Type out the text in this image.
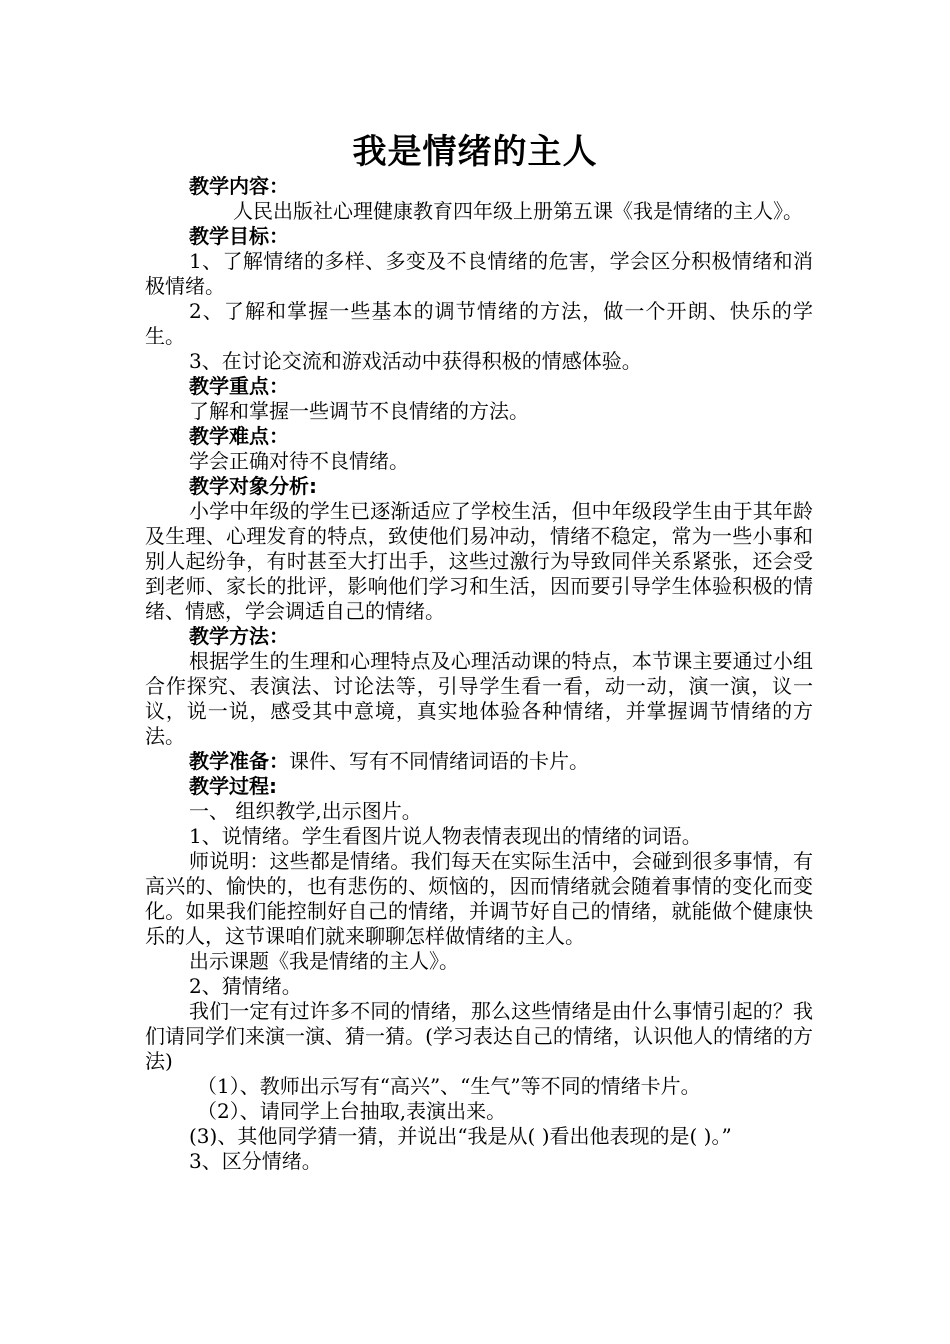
我是情绪的主人

教学内容：

人民出版社心理健康教育四年级上册第五课《我是情绪的主人》。

教学目标：

1、了解情绪的多样、多变及不良情绪的危害，学会区分积极情绪和消极情绪。

2、了解和掌握一些基本的调节情绪的方法，做一个开朗、快乐的学生。

3、在讨论交流和游戏活动中获得积极的情感体验。

教学重点：

了解和掌握一些调节不良情绪的方法。

教学难点：

学会正确对待不良情绪。

教学对象分析:

小学中年级的学生已逐渐适应了学校生活，但中年级段学生由于其年龄及生理、心理发育的特点，致使他们易冲动，情绪不稳定，常为一些小事和别人起纷争，有时甚至大打出手，这些过激行为导致同伴关系紧张，还会受到老师、家长的批评，影响他们学习和生活，因而要引导学生体验积极的情绪、情感，学会调适自己的情绪。

教学方法：

根据学生的生理和心理特点及心理活动课的特点，本节课主要通过小组合作探究、表演法、讨论法等，引导学生看一看，动一动，演一演，议一议，说一说，感受其中意境，真实地体验各种情绪，并掌握调节情绪的方法。

教学准备：课件、写有不同情绪词语的卡片。

教学过程:

一、 组织教学,出示图片。

1、说情绪。学生看图片说人物表情表现出的情绪的词语。

师说明：这些都是情绪。我们每天在实际生活中，会碰到很多事情，有高兴的、愉快的，也有悲伤的、烦恼的，因而情绪就会随着事情的变化而变化。如果我们能控制好自己的情绪，并调节好自己的情绪，就能做个健康快乐的人，这节课咱们就来聊聊怎样做情绪的主人。

出示课题《我是情绪的主人》。

2、猜情绪。

我们一定有过许多不同的情绪，那么这些情绪是由什么事情引起的？我们请同学们来演一演、猜一猜。(学习表达自己的情绪，认识他人的情绪的方法)

（1）、教师出示写有“高兴”、“生气”等不同的情绪卡片。

（2）、请同学上台抽取,表演出来。

(3)、其他同学猜一猜，并说出“我是从( )看出他表现的是( )。”

3、区分情绪。
